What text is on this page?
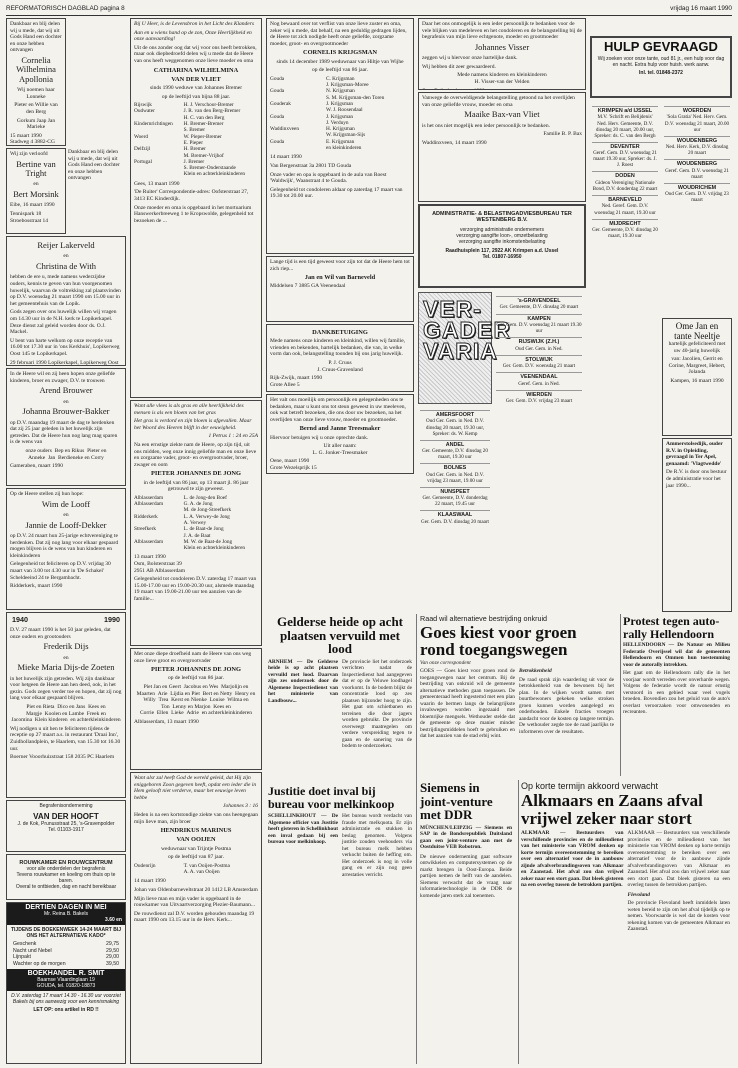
REFORMATORISCH DAGBLAD pagina 8	vrijdag 16 maart 1990

Dankbaar en blij delen wij u mede, dat wij uit Gods Hand een dochter en onze hebben ontvangen

Cornelia Wilhelmina Apollonia

Wij noemen haar Lonneke

Pieter en Willie van den Berg

Gorkum Jaap Jan Marieke

15 maart 1990 Stadweg 4 3882-CG

Wij zijn verloofd

Bertine van Tright

en

Bert Morsink

Eibe, 16 maart 1990

Tennispark 18 Stroebosstraat 14

Dankbaar en blij delen wij u mede, dat wij uit Gods Hand een dochter en onze hebben ontvangen

Reijer Lakerveld

en

Christina de With

hebben de ere u, mede namens wederzijdse ouders, kennis te geven van hun voorgenomen huwelijk, waarvan de voltrekking zal plaatsvinden op D.V. woensdag 21 maart 1990 om 15.00 uur in het gemeentehuis van de Lopik.

Gods zegen over ons huwelijk willen wij vragen om 14.30 uur in de N.H. kerk te Lopikerkapel. Deze dienst zal geleid worden door ds. O.J. Mackel.

U bent van harte welkom op onze receptie van 16.00 tot 17.30 uur in 'ons Kerkhuis', Lopikerweg Oost 145 te Lopikerkapel.

29 februari 1990 Lopikerkapel, Lopikerweg Oost

In de Heere wil en zij heen hopen onze geliefde kinderen, broer en zwager, D.V. te trouwen

Arend Brouwer

en

Johanna Brouwer-Bakker

op D.V. maandag 19 maart de dag te herdenken dat zij 25 jaar geleden in het huwelijk zijn getreden. Dat de Heere hun nog lang mag sparen is de wens van

onze ouders  Bep en Rikus  Pieter en Anneke  Jan  Berdieneke en Corry

Gameraben, maart 1990

Op de Heere stellen zij hun hope:

Wim de Looff

en

Jannie de Looff-Dekker

op D.V. 24 maart hun 25-jarige echtvereniging te herdenken. Dat zij nog lang voor elkaar gespaard mogen blijven is de wens van hun kinderen en kleinkinderen

Gelegenheid tot feliciteren op D.V. vrijdag 30 maart van 3.00 tot 4.30 uur in 'De Schakel' Scheldeeind 24 te Bergambacht.

Ridderkerk, maart 1990

1940	1990

D.V. 27 maart 1990 is het 50 jaar geleden, dat onze ouders en grootouders

Frederik Dijs

en

Mieke Maria Dijs-de Zoeten

in het huwelijk zijn getreden. Wij zijn dankbaar voor hetgeen de Heere aan hen deed, ook, in het gezin. Gods zegen verder toe en hopen, dat zij nog lang voor elkaar gespaard blijven.

Piet en Rieta  Dico en Jans  Kees en Margje  Koolen en Lambe  Freek en Jacomina  Klein kinderen  en achterkleinkinderen

Wij nodigen u uit hen te feliciteren tijdens de receptie op 27 maart a.s. in restaurant 'Draai Inn', Zuidhollandplein, te Haarlem, van 15.30 tot 16.30 uur.

Boerner Vooorhuizstraat 158 2035 PC Haarlem

Begrafenisonderneming
VAN DER HOOFT
J. de Kok, Prunusstraat 25, 's-Gravenpolder
Tel. 01103-1917
ROUWKAMER EN ROUWCENTRUM
voor alle onderdelen der begrafenis
Tevens rouwkamer en koeling om thuis op te baren.
Overal te ontbieden, dag en nacht bereikbaar
DERTIEN DAGEN IN MEI
Mr. Reina B. Bakels
3.60 en
TIJDENS DE BOEKENWEEK 14-24 MAART BIJ ONS HET ALTERNATIEVE KADO*
Geschenk	29,75
Nacht und Nebel	29,50
Lijnpakt	29,00
Wachter op de morgen	39,50
BOEKHANDEL R. SMIT
Baarnse Vlaardinglaan 19
GOUDA, tel. 01820-18873
D.V. zaterdag 17 maart 14.30 - 16.30 uur voorziet Bakels bij ons aanwezig voor een kennismaking
LET OP: ons artikel in RD !!

Bij U Heer, is de Levensbron in het Licht des Klanders

Aan en u wiens hand op de zon, Onze Heerlijkheid en onze aanvaarding!

Uit de ons zonder oog dat wij voor ons heeft betrokken, maar ook diepbedroefd delen wij u mede dat de Heere van ons heeft weggenomen onze lieve moeder en oma

CATHARINA WILHELMINA

VAN DER VLIET

sinds 1990 weduwe van Johannes Bremer

op de leeftijd van bijna 88 jaar.

Rijswijk	H. J. Verschoor-Bremer
Oudwater	J. R. van den Berg-Bremer
H. C. van den Berg
Kindernrichtingen	H. Bremer-Bremer
S. Bremer
Woerd	W. Pieper-Bremer
E. Pieper
Delfzijl	H. Bremer
M. Bremer-Vrijhof
Portugal	J. Bremer
S. Bremer-Onderstaande
Klein en achterkleinkinderen

Gees, 13 maart 1990

'De Ruiter' Correspondentie-adres: Oofsterstraat 27, 3413 EC Kinderdijk.

Onze moeder en oma is opgebaard in het mortuarium Hanswerkerbreeweg 1 te Kropswolde, gelegenheid tot bezoeken de ...

Want alle vlees is als gras en alle heerlijkheid des mensen is als een bloem van het gras

Het gras is verdord en zijn bloem is afgevallen. Maar het Woord des Heeren blijft in der eeuwigheid.

1 Petrus 1 : 24 en 25A

Na een ernstige ziekte nam de Heere, op zijn tijd, uit ons midden, weg onze innig geliefde man en onze lieve en zorgzame vader, groot- en overgrootvader, broer, zwager en oom

PIETER JOHANNES DE JONG

in de leeftijd van 86 jaar, op 13 maart jl. 86 jaar getrouwd te zijn geweest.

Alblasserdam	L. de Jong-den Boef
Alblasserdam	G. A. de Jong
M. de Jong-Streefkerk
Ridderkerk	L. A. Verwey-de Jong
A. Verwey
Streefkerk	L. de Baat-de Jong
J. A. de Baat
Alblasserdam	M. W. de Baat-de Jong
Klein en achterkleinkinderen

13 maart 1990
Osm, Bolsterstraat 39
2951 AB Alblasserdam

Gelegenheid tot condoleren D.V. zaterdag 17 maart van 15.00-17.00 uur en 19.00-20.30 uur, alsmede maandag 19 maart van 19.00-21.00 uur ten aanzien van de familie...

Met onze diepe droefheid nam de Heere van ons weg onze lieve groot en overgrootvader

PIETER JOHANNES DE JONG

op de leeftijd van 86 jaar.

Piet Jan en Geert  Jacobus en Wes  Marjolijn en Maarten  Arie  Lijdia en Piet  Bert en Netty  Henry en Willy  Trea  Kerst en Nienke  Louise  Wilma en Ton  Lenny en Marjon  Kees en Corrie  Ellen  Lieke  Adrie  en achterkleinkinderen

Alblasserdam, 13 maart 1990

Want alsr zal heeft God de wereld geleid, dat Hij zijn eniggeboren Zoon gegeven heeft, opdat een ieder die in Hem gelooft niet verderve, maar het eeuwige leven hebbe

Johannes 3 : 16

Heden is na een kortstondige ziekte van ons heengegaan mijn lieve man, zijn broer

HENDRIKUS MARINUS

VAN OOIJEN

weduwnaar van Trijntje Postma

op de leeftijd van 87 jaar.

Oudenrijn	T. van Ooijen-Postma
A. A. van Ooijen

14 maart 1990

Johan van Oldenbarneveltstraat 20 1412 LB Amsterdam

Mijn lieve man en mijn vader is opgebaard in de rouwkamer van Uitvaartverzorging Plezier-Baumann...

De rouwdienst zal D.V. worden gehouden maandag 19 maart 1990 om 13.15 uur in de Herv. Kerk...

Nog bewaard over tot verflist van onze lieve zuster en oma, zeker wij u mede, dat behalf, na een geduldig gedragen lijden, de Heere tot zich nodigde heeft onze geliefde, zorgzame moeder, groot- en overgrootmoeder

CORNELIS KRIJGSMAN

sinds 14 december 1989 weduwnaar van Hiltje van Wijhe

op de leeftijd van 86 jaar.

Gouda	C. Krijgsman
J. Krijgsman-Moree
Gouda	N. Krijgsman
S. M. Krijgsman-den Toren
Gouderak	J. Krijgsman
W. J. Roosendaal
Gouda	J. Krijgsman
J. Verduyn
Waddinxveen	H. Krijgsman
W. Krijgsman-Sijs
Gouda	E. Krijgsman
en kleinkinderen

14 maart 1990

Van Bergenstraat 3a 2801 TD Gouda

Onze vader en opa is opgebaard in de aula van Roest 'Waldwijk', Waanstraat 4 te Gouda.

Gelegenheid tot condoleren aldaar op zaterdag 17 maart van 19.30 tot 20.00 uur.

Lange tijd is een tijd geweest voor zijn tot dat de Heere hem tot zich riep...

Jan en Wil van Barneveld

Middelsen 7 3885 GA Veenendaal

DANKBETUIGING

Mede namens onze kinderen en kleinkind, willen wij familie, vrienden en bekenden, hartelijk bedanken, die van, in welke vorm dan ook, belangstelling toonden bij ons jarig huwelijk.

P. J. Cruus
J. Cruus-Gravenland

Rijk-Zwijk, maart 1990
Grote Allee 5

Het valt ons moeilijk om persoonlijk en gelegenheden ons te bedanken, maar u kunt ons tot steun geweest in uw meeleven, ook wat betreft bezoeken, die ons door uw bezoeken, na het overlijden van onze lieve vrouw, moeder en grootmoeder.

Bernd and Janne Treesmaker

Hiervoor betuigen wij u onze oprechte dank.

Uit aller naam:
L. G. Jonker-Treesmaker

Oene, maart 1990
Grote Wezelsprijk 15

Daar het ons onmogelijk is een ieder persoonlijk te bedanken voor de vele blijken van medeleven en het condoleren en de belangstelling bij de begrafenis van mijn lieve echtgenote, moeder en grootmoeder

Johannes Visser

zeggen wij u hiervoor onze hartelijke dank.

Wij hebben dit zeer gewaardeerd.

Mede namens kinderen en kleinkinderen
H. Visser-van der Velden

Vanwege de overweldigende belangstelling getoond na het overlijden van onze geliefde vrouw, moeder en oma

Maaike Bax-van Vliet

is het ons niet mogelijk een ieder persoonlijk te bedanken.

Familie B. P. Bax

Waddinxveen, 14 maart 1990

ADMINISTRATIE- & BELASTINGADVIESBUREAU TER WESTENBERG B.V.
verzorging administratie ondernemers
verzorging aangifte loon-, omzetbelasting
verzorging aangifte inkomstenbelasting
Raadhuisplein 117, 2922 AK Krimpen a.d. IJssel
Tel. 01807-16950
VER-
GADER
VARIA
AMERSFOORT
Oud Ger. Gem. in Ned. D.V. dinsdag 20 maart, 19.30 uur, Spreker: ds. W. Kemp
ANDEL
Ger. Gemeente, D.V. dinsdag 20 maart, 19.30 uur
BOLNES
Oud Ger. Gem. in Ned. D.V. vrijdag 23 maart, 19.00 uur
NUNSPEET
Ger. Gemeente, D.V. donderdag 22 maart, 19.45 uur
KLAASWAAL
Ger. Gem. D.V. dinsdag 20 maart
's-GRAVENDEEL
Ger. Gemeente, D.V. dinsdag 20 maart
KAMPEN
Ger. Gem. D.V. woensdag 21 maart 19.30 uur
RIJSWIJK (Z.H.)
Oud Ger. Gem. in Ned.
STOLWIJK
Ger. Gem. D.V. woensdag 21 maart
VEENENDAAL
Geref. Gem. in Ned.
WIERDEN
Ger. Gem. D.V. vrijdag 23 maart
HULP GEVRAAGD
Wij zoeken voor onze tante, oud 81 jr., een hulp voor dag en nacht. Extra hulp voor huish. werk aanw.
Inl. tel. 01848-2372
KRIMPEN a/d IJSSEL
M.V. 'Schrift en Belijdenis' Ned. Herv. Gemeente, D.V. dinsdag 20 maart, 20.00 uur, Spreker: ds. C. van den Bergh
DEVENTER
Geref. Gem. D.V. woensdag 21 maart 19.30 uur, Spreker: ds. J. J. Roest
DODEN
Gideon Vereniging Nationale Bond, D.V. donderdag 22 maart
BARNEVELD
Ned. Geref. Gem. D.V. woensdag 21 maart, 19.30 uur
MIJDRECHT
Ger. Gemeente, D.V. dinsdag 20 maart, 19.30 uur
WOERDEN
'Sola Gratia' Ned. Herv. Gem. D.V. woensdag 21 maart, 20.00 uur
WOUDENBERG
Ned. Herv. Kerk, D.V. dinsdag 20 maart
WOUDENBERG
Geref. Gem. D.V. woensdag 21 maart
WOUDRICHEM
Oud Ger. Gem. D.V. vrijdag 23 maart
Ome Jan en tante Neeltje

hartelijk gefeliciteerd met uw 40-jarig huwelijk

van: Jacolien, Gerrit en Corine, Margreet, Hebert, Jolanda

Kampen, 16 maart 1990

Ammerstolsedijk, ouder R.V. in Opleiding, gevraagd in Ter Apel, genaamd: 'Vlagtwedde'

De R.V. is door ons bestuur de administratie voor het jaar 1990...

Gelderse heide op acht plaatsen vervuild met lood

ARNHEM — De Gelderse heide is op acht plaatsen vervuild met lood. Daarvan zijn zes onderzoek door de Algemene Inspectiedienst van het ministerie van Landbouw...

De provincie liet het onderzoek verrichten nadat de Inspectiedienst had aangegeven dat er op de Veluwe loodhagel voorkomt. In de bodem blijkt de concentratie lood op zes plaatsen bijzonder hoog te zijn. Het gaat om schietbanen en terreinen die door jagers worden gebruikt. De provincie overweegt maatregelen om verdere verspreiding tegen te gaan en de sanering van de bodem te onderzoeken.

Justitie doet inval bij bureau voor melkinkoop

SCHELLINKHOUT — De Algemene officier van Justitie heeft gisteren in Schellinkhout een inval gedaan bij een bureau voor melkinkoop.

Het bureau wordt verdacht van fraude met melkquota. Er zijn administratie en stukken in beslag genomen. Volgens justitie zouden veehouders via het bureau melk hebben verkocht buiten de heffing om. Het onderzoek is nog in volle gang en er zijn nog geen arrestaties verricht.

Raad wil alternatieve bestrijding onkruid
Goes kiest voor groen rond toegangswegen
Van onze correspondent

GOES — Goes kiest voor groen rond de toegangswegen naar het centrum. Bij de bestrijding van onkruid wil de gemeente alternatieve methoden gaan toepassen. De gemeenteraad heeft ingestemd met een plan waarin de bermen langs de belangrijkste invalswegen worden ingezaaid met bloemrijke mengsels. Wethouder stelde dat de gemeente op deze manier minder bestrijdingsmiddelen hoeft te gebruiken en dat het aanzien van de stad erbij wint.

Betrokkenheid

De raad sprak zijn waardering uit voor de betrokkenheid van de bewoners bij het plan. In de wijken wordt samen met buurtbewoners gekeken welke stroken groen kunnen worden aangelegd en onderhouden. Enkele fracties vroegen aandacht voor de kosten op langere termijn. De wethouder zegde toe de raad jaarlijks te informeren over de resultaten.

Protest tegen auto-rally Hellendoorn

HELLENDOORN — De Natuur en Milieu Federatie Overijssel wil dat de gemeenten Hellendoorn en Ommen hun toestemming voor de autorally intrekken.

Het gaat om de Hellendoorn rally die in het voorjaar wordt verreden over onverharde wegen. Volgens de federatie wordt de natuur ernstig verstoord in een gebied waar veel vogels broeden. Bovendien zou het geluid van de auto's overlast veroorzaken voor omwonenden en recreanten.

Siemens in joint-venture met DDR

MÜNCHEN/LEIPZIG — Siemens en SAP in de Bondsrepubliek Duitsland gaan een joint-venture aan met de Oostduitse VEB Robotron.

De nieuwe onderneming gaat software ontwikkelen en computersystemen op de markt brengen in Oost-Europa. Beide partijen nemen de helft van de aandelen. Siemens verwacht dat de vraag naar informatietechnologie in de DDR de komende jaren sterk zal toenemen.

Op korte termijn akkoord verwacht
Alkmaars en Zaans afval vrijwel zeker naar stort

ALKMAAR — Bestuurders van verschillende provincies en de milieudienst van het ministerie van VROM denken op korte termijn overeenstemming te bereiken over een alternatief voor de in aanbouw zijnde afvalverbrandingsoven van Alkmaar en Zaanstad. Het afval zou dan vrijwel zeker naar een stort gaan. Dat bleek gisteren na een overleg tussen de betrokken partijen.

ALKMAAR — Bestuurders van verschillende provincies en de milieudienst van het ministerie van VROM denken op korte termijn overeenstemming te bereiken over een alternatief voor de in aanbouw zijnde afvalverbrandingsoven van Alkmaar en Zaanstad. Het afval zou dan vrijwel zeker naar een stort gaan. Dat bleek gisteren na een overleg tussen de betrokken partijen.

Flevoland

De provincie Flevoland heeft inmiddels laten weten bereid te zijn om het afval tijdelijk op te nemen. Voorwaarde is wel dat de kosten voor rekening komen van de gemeenten Alkmaar en Zaanstad.
